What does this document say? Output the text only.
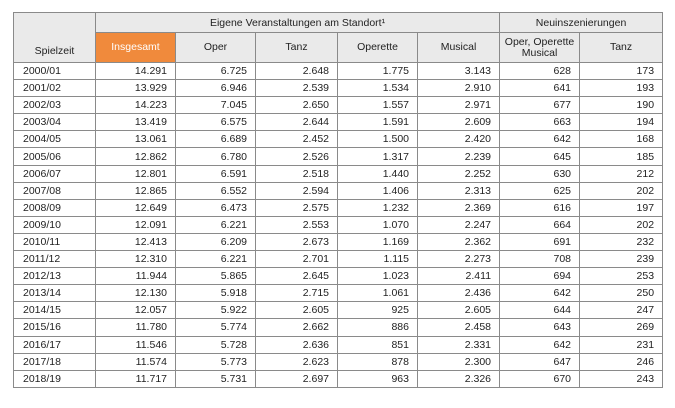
Spielzeit	Eigene Veranstaltungen am Standort¹					Neuinszenierungen	
	Insgesamt	Oper	Tanz	Operette	Musical	Oper, Operette Musical	Tanz
2000/01	14.291	6.725	2.648	1.775	3.143	628	173
2001/02	13.929	6.946	2.539	1.534	2.910	641	193
2002/03	14.223	7.045	2.650	1.557	2.971	677	190
2003/04	13.419	6.575	2.644	1.591	2.609	663	194
2004/05	13.061	6.689	2.452	1.500	2.420	642	168
2005/06	12.862	6.780	2.526	1.317	2.239	645	185
2006/07	12.801	6.591	2.518	1.440	2.252	630	212
2007/08	12.865	6.552	2.594	1.406	2.313	625	202
2008/09	12.649	6.473	2.575	1.232	2.369	616	197
2009/10	12.091	6.221	2.553	1.070	2.247	664	202
2010/11	12.413	6.209	2.673	1.169	2.362	691	232
2011/12	12.310	6.221	2.701	1.115	2.273	708	239
2012/13	11.944	5.865	2.645	1.023	2.411	694	253
2013/14	12.130	5.918	2.715	1.061	2.436	642	250
2014/15	12.057	5.922	2.605	925	2.605	644	247
2015/16	11.780	5.774	2.662	886	2.458	643	269
2016/17	11.546	5.728	2.636	851	2.331	642	231
2017/18	11.574	5.773	2.623	878	2.300	647	246
2018/19	11.717	5.731	2.697	963	2.326	670	243
